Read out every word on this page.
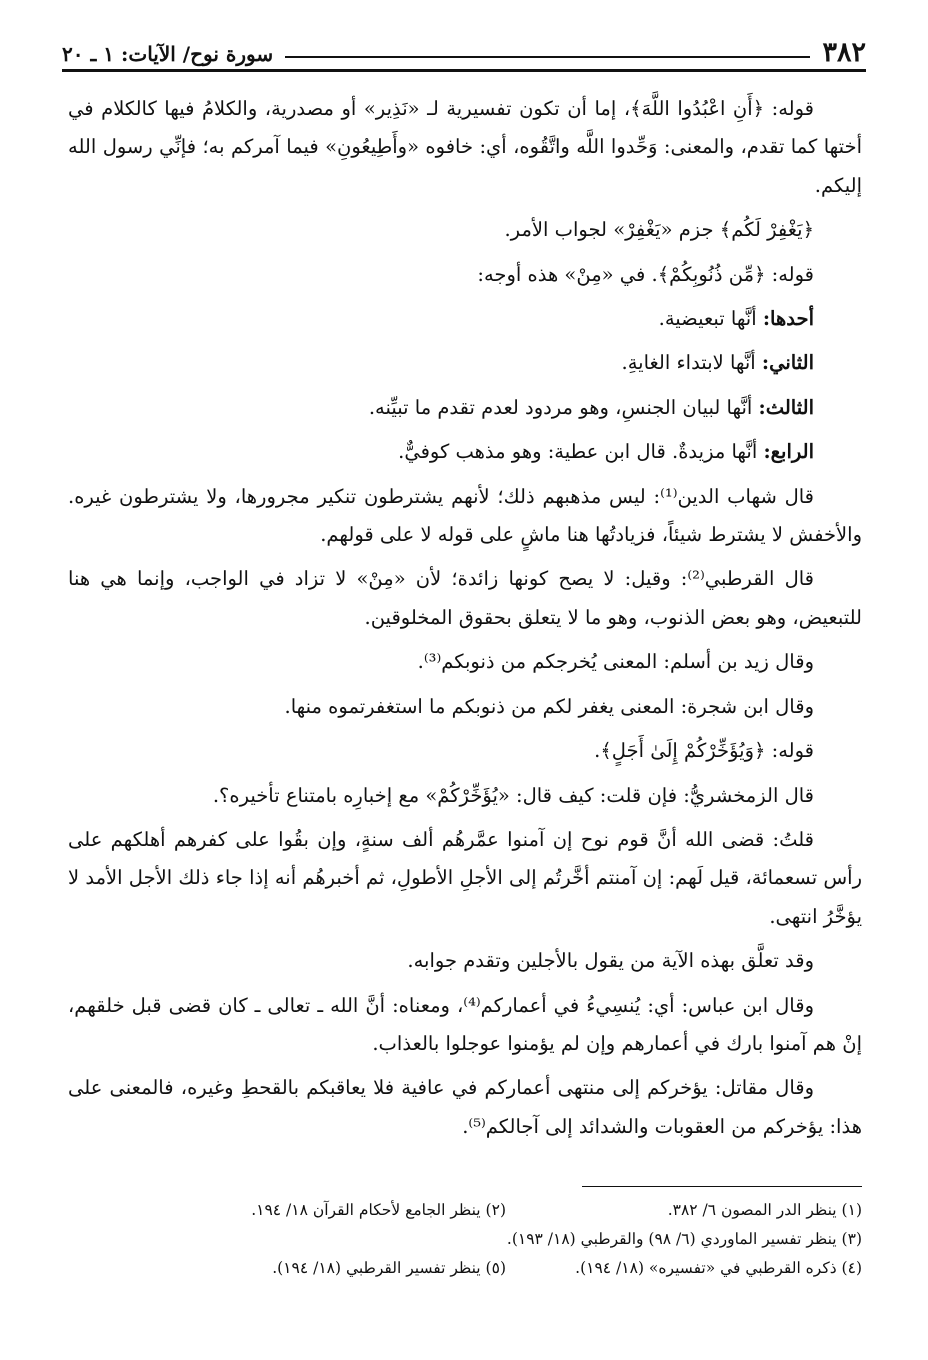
٣٨٢
سورة نوح/ الآيات: ١ ـ ٢٠

قوله: ﴿أَنِ اعْبُدُوا اللَّهَ﴾، إما أن تكون تفسيرية لـ «نَذِير» أو مصدرية، والكلامُ فيها كالكلام في أختها كما تقدم، والمعنى: وَحِّدوا اللَّه واتَّقُوه، أي: خافوه «وأَطِيعُونِ» فيما آمركم به؛ فإنِّي رسول الله إليكم.

﴿يَغْفِرْ لَكُم﴾ جزم «يَغْفِرْ» لجواب الأمر.

قوله: ﴿مِّن ذُنُوبِكُمْ﴾. في «مِنْ» هذه أوجه:

أحدها: أنَّها تبعيضية.

الثاني: أنَّها لابتداء الغايةِ.

الثالث: أنَّها لبيان الجنسِ، وهو مردود لعدم تقدم ما تبيِّنه.

الرابع: أنَّها مزيدةٌ. قال ابن عطية: وهو مذهب كوفيٌّ.

قال شهاب الدين⁽¹⁾: ليس مذهبهم ذلك؛ لأنهم يشترطون تنكير مجرورها، ولا يشترطون غيره. والأخفش لا يشترط شيئاً، فزيادتُها هنا ماشٍ على قوله لا على قولهم.

قال القرطبي⁽²⁾: وقيل: لا يصح كونها زائدة؛ لأن «مِنْ» لا تزاد في الواجب، وإنما هي هنا للتبعيض، وهو بعض الذنوب، وهو ما لا يتعلق بحقوق المخلوقين.

وقال زيد بن أسلم: المعنى يُخرجكم من ذنوبكم⁽³⁾.

وقال ابن شجرة: المعنى يغفر لكم من ذنوبكم ما استغفرتموه منها.

قوله: ﴿وَيُؤَخِّرْكُمْ إِلَىٰ أَجَلٍ﴾.

قال الزمخشريُّ: فإن قلت: كيف قال: «يُؤَخِّرْكُمْ» مع إخبارِه بامتناع تأخيره؟.

قلتُ: قضى الله أنَّ قوم نوح إن آمنوا عمَّرهُم ألف سنةٍ، وإن بقُوا على كفرهم أهلكهم على رأس تسعمائة، قيل لَهم: إن آمنتم أخَّرتُم إلى الأجلِ الأطولِ، ثم أخبرهُم أنه إذا جاء ذلك الأجل الأمد لا يؤخَّرُ انتهى.

وقد تعلَّق بهذه الآية من يقول بالأجلين وتقدم جوابه.

وقال ابن عباس: أي: يُنسِيءُ في أعماركم⁽⁴⁾، ومعناه: أنَّ الله ـ تعالى ـ كان قضى قبل خلقهم، إنْ هم آمنوا بارك في أعمارهم وإن لم يؤمنوا عوجلوا بالعذاب.

وقال مقاتل: يؤخركم إلى منتهى أعماركم في عافية فلا يعاقبكم بالقحطِ وغيره، فالمعنى على هذا: يؤخركم من العقوبات والشدائد إلى آجالكم⁽⁵⁾.

(١) ينظر الدر المصون ٦/ ٣٨٢.
(٢) ينظر الجامع لأحكام القرآن ١٨/ ١٩٤.
(٣) ينظر تفسير الماوردي (٦/ ٩٨) والقرطبي (١٨/ ١٩٣).
(٤) ذكره القرطبي في «تفسيره» (١٨/ ١٩٤).
(٥) ينظر تفسير القرطبي (١٨/ ١٩٤).
